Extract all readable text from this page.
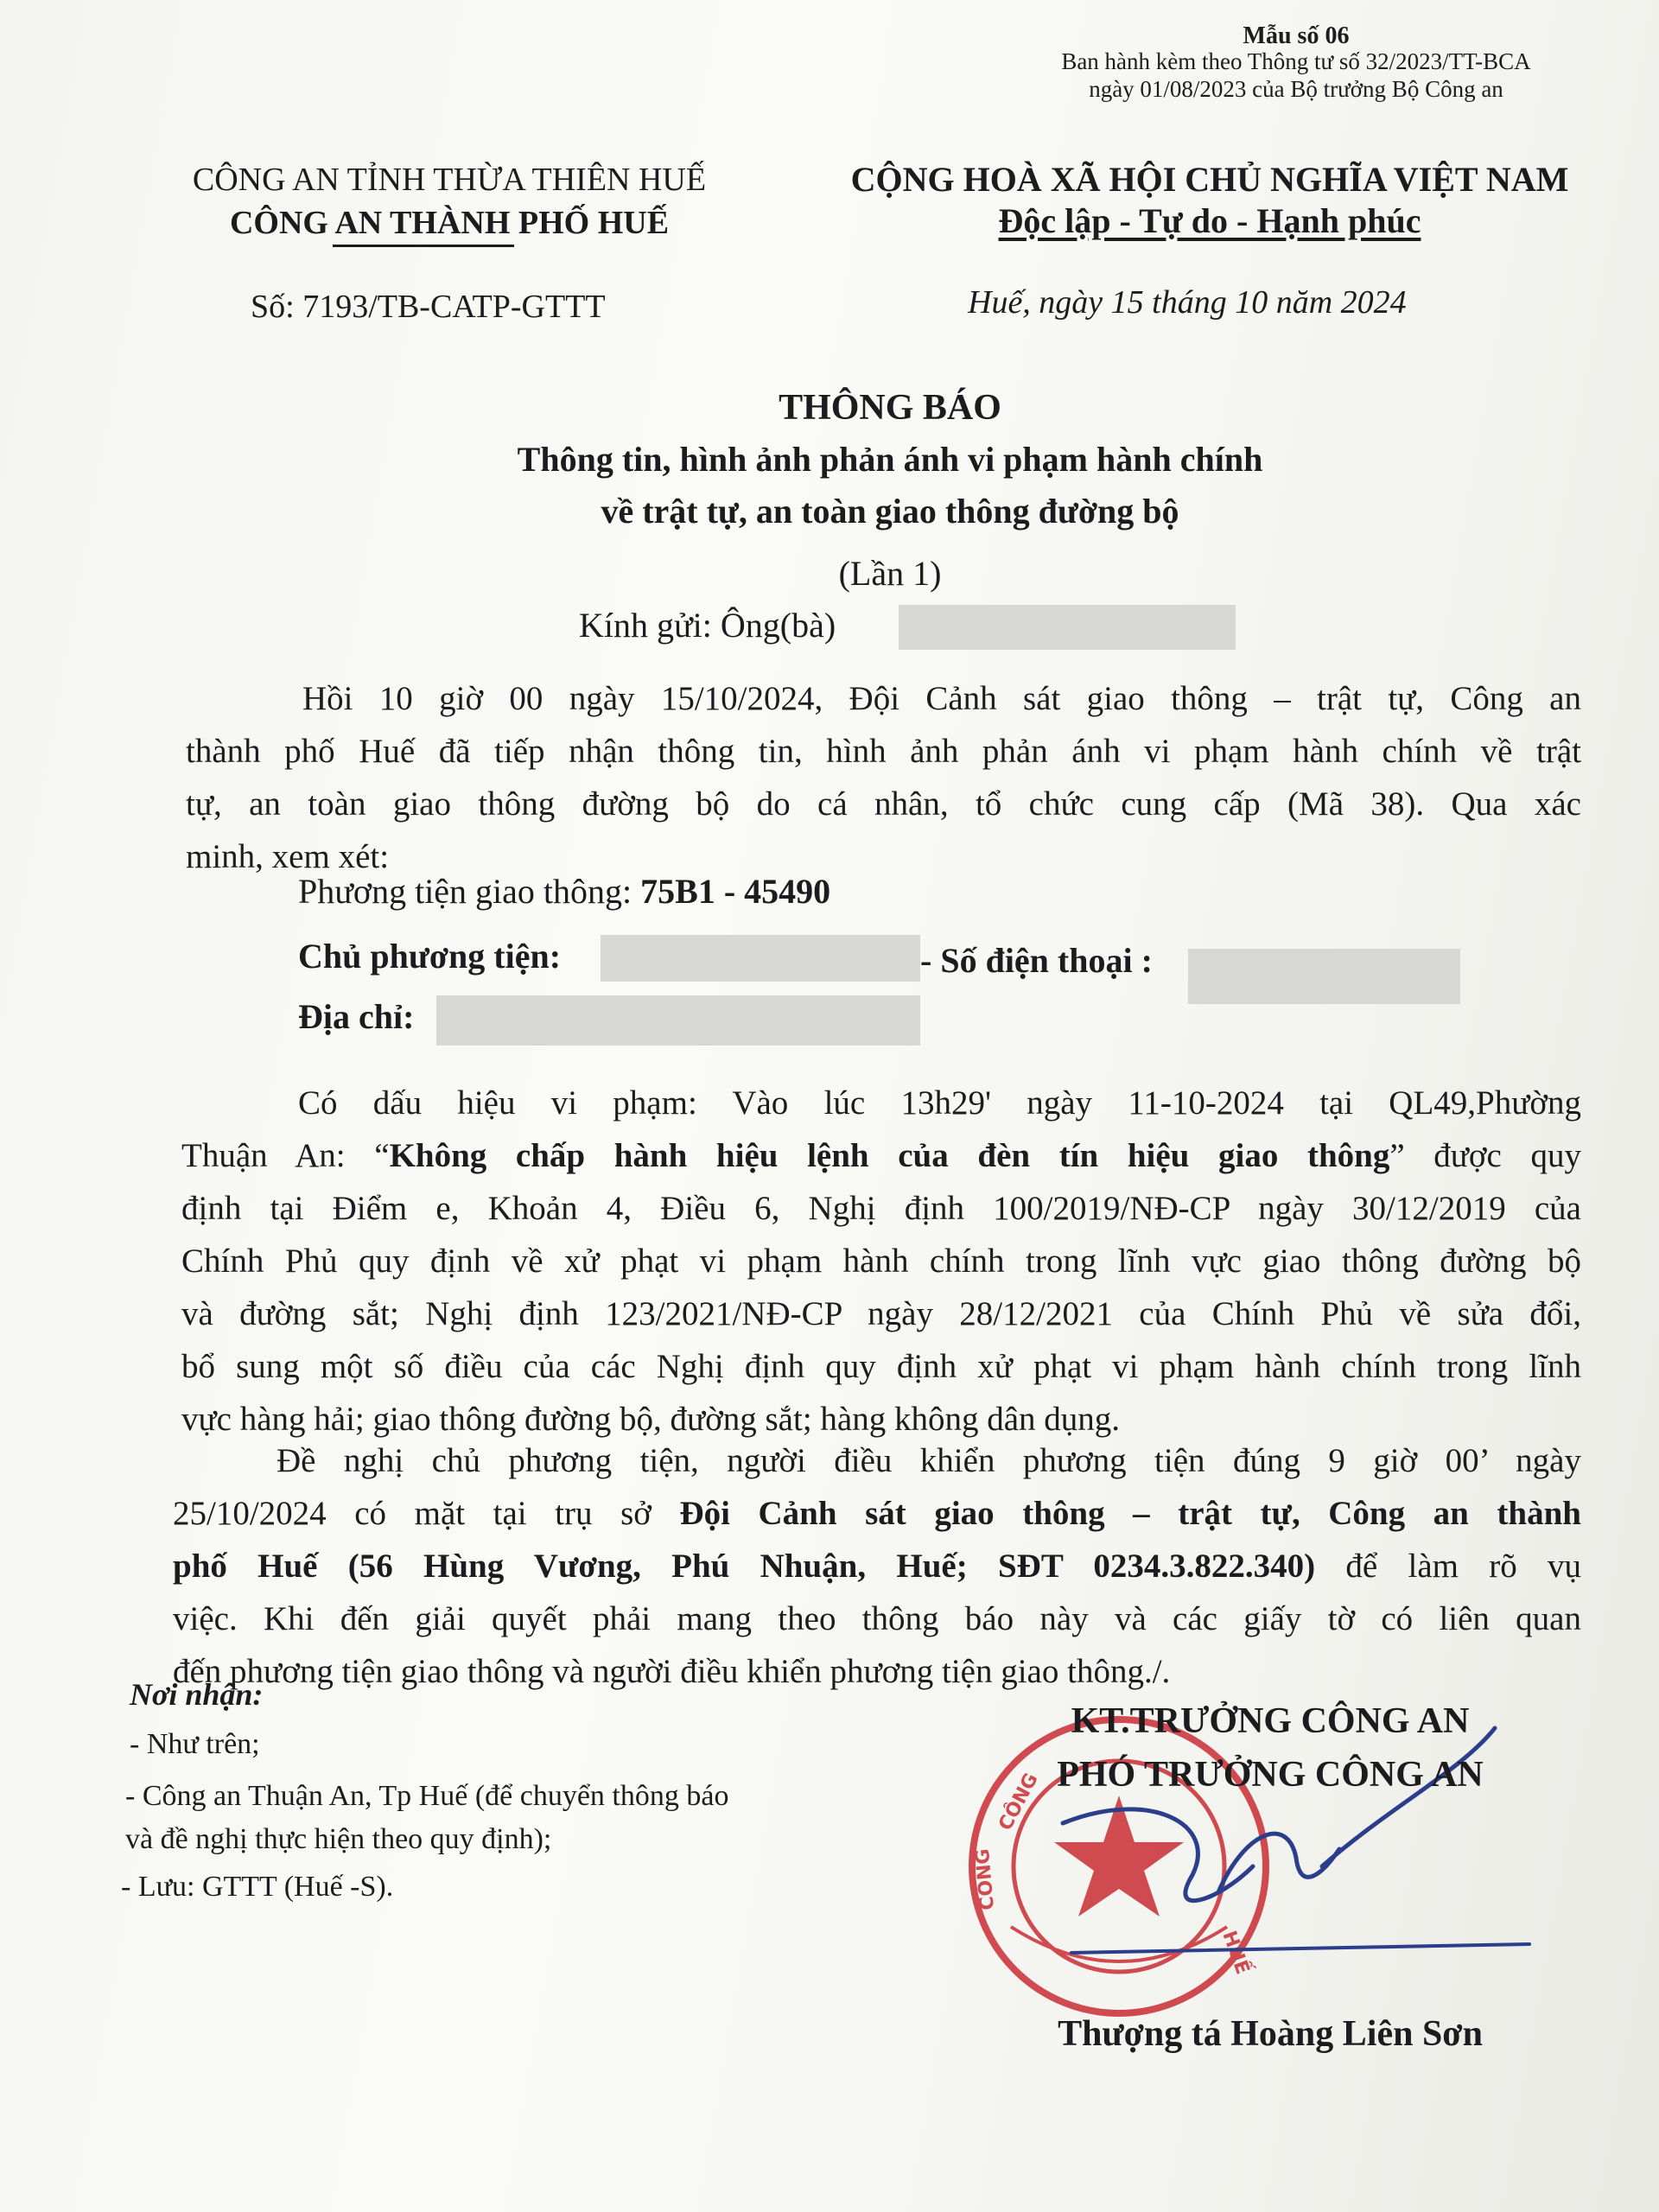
Mẫu số 06
Ban hành kèm theo Thông tư số 32/2023/TT-BCA
ngày 01/08/2023 của Bộ trưởng Bộ Công an
CÔNG AN TỈNH THỪA THIÊN HUẾ
CÔNG AN THÀNH PHỐ HUẾ
Số: 7193/TB-CATP-GTTT
CỘNG HOÀ XÃ HỘI CHỦ NGHĨA VIỆT NAM
Độc lập - Tự do - Hạnh phúc
Huế, ngày 15 tháng 10 năm 2024
THÔNG BÁO
Thông tin, hình ảnh phản ánh vi phạm hành chính
về trật tự, an toàn giao thông đường bộ
(Lần 1)
Kính gửi: Ông(bà)
Hồi 10 giờ 00 ngày 15/10/2024, Đội Cảnh sát giao thông – trật tự, Công an
thành phố Huế đã tiếp nhận thông tin, hình ảnh phản ánh vi phạm hành chính về trật
tự, an toàn giao thông đường bộ do cá nhân, tổ chức cung cấp (Mã 38). Qua xác
minh, xem xét:
Phương tiện giao thông: 75B1 - 45490
Chủ phương tiện:	- Số điện thoại :
Địa chỉ:
Có dấu hiệu vi phạm: Vào lúc 13h29' ngày 11-10-2024 tại QL49,Phường
Thuận An: “Không chấp hành hiệu lệnh của đèn tín hiệu giao thông” được quy
định tại Điểm e, Khoản 4, Điều 6, Nghị định 100/2019/NĐ-CP ngày 30/12/2019 của
Chính Phủ quy định về xử phạt vi phạm hành chính trong lĩnh vực giao thông đường bộ
và đường sắt; Nghị định 123/2021/NĐ-CP ngày 28/12/2021 của Chính Phủ về sửa đổi,
bổ sung một số điều của các Nghị định quy định xử phạt vi phạm hành chính trong lĩnh
vực hàng hải; giao thông đường bộ, đường sắt; hàng không dân dụng.
Đề nghị chủ phương tiện, người điều khiển phương tiện đúng 9 giờ 00’ ngày
25/10/2024 có mặt tại trụ sở Đội Cảnh sát giao thông – trật tự, Công an thành
phố Huế (56 Hùng Vương, Phú Nhuận, Huế; SĐT 0234.3.822.340) để làm rõ vụ
việc. Khi đến giải quyết phải mang theo thông báo này và các giấy tờ có liên quan
đến phương tiện giao thông và người điều khiển phương tiện giao thông./.
Nơi nhận:
- Như trên;
- Công an Thuận An, Tp Huế (để chuyển thông báo
và đề nghị thực hiện theo quy định);
- Lưu: GTTT (Huế -S).
CÔNG
CÔNG
HUẾ
KT.TRƯỞNG CÔNG AN
PHÓ TRƯỞNG CÔNG AN
Thượng tá Hoàng Liên Sơn
